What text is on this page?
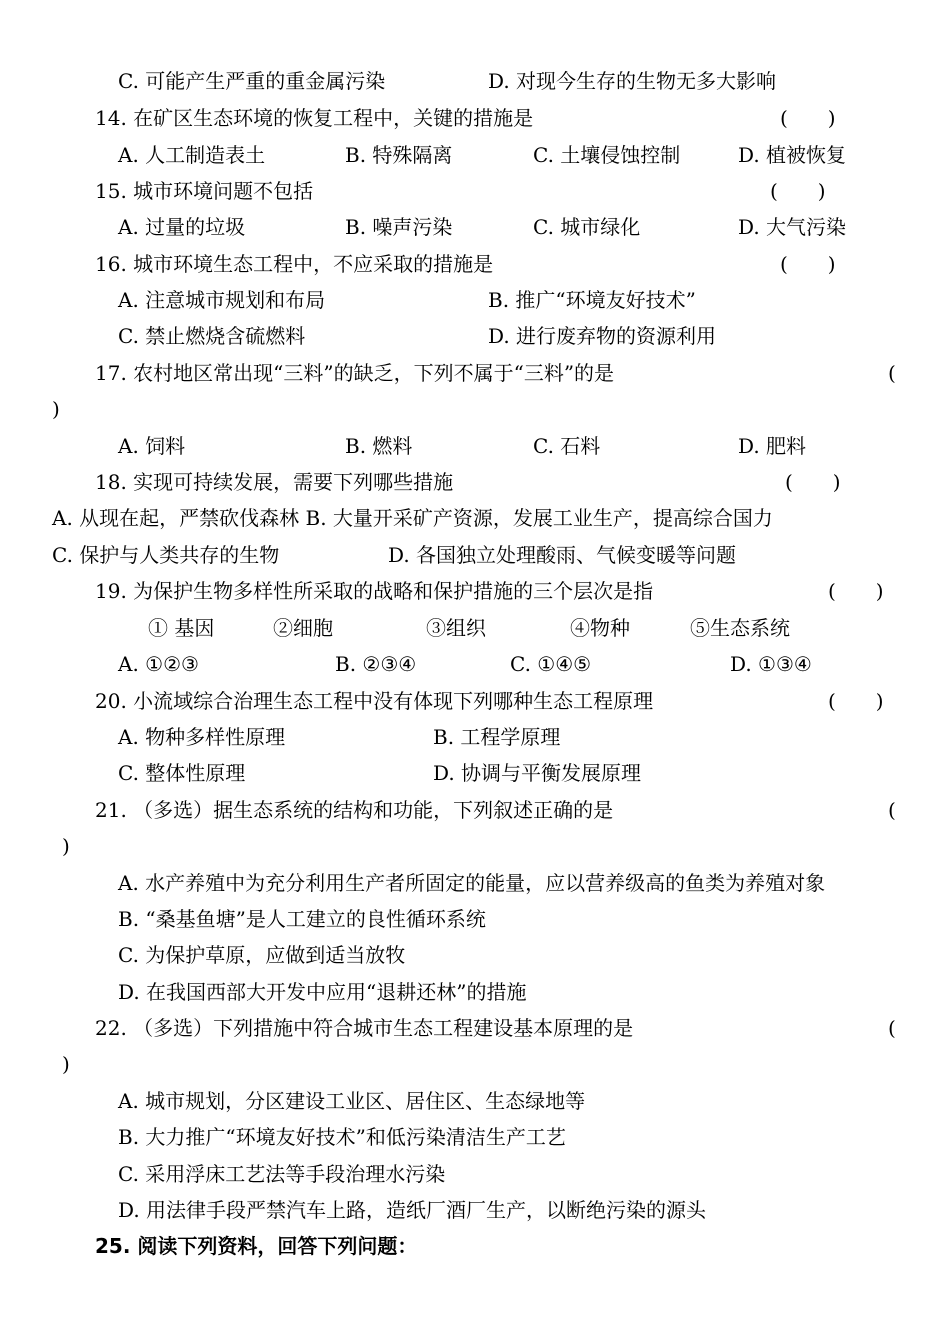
C. 可能产生严重的重金属污染	D. 对现今生存的生物无多大影响
14. 在矿区生态环境的恢复工程中，关键的措施是	(　　)
A. 人工制造表土	B. 特殊隔离	C. 土壤侵蚀控制	D. 植被恢复
15. 城市环境问题不包括	(　　)
A. 过量的垃圾	B. 噪声污染	C. 城市绿化	D. 大气污染
16. 城市环境生态工程中，不应采取的措施是	(　　)
A. 注意城市规划和布局	B. 推广“环境友好技术”
C. 禁止燃烧含硫燃料	D. 进行废弃物的资源利用
17. 农村地区常出现“三料”的缺乏，下列不属于“三料”的是	(
)
A. 饲料	B. 燃料	C. 石料	D. 肥料
18. 实现可持续发展，需要下列哪些措施	(　　)
A. 从现在起，严禁砍伐森林 B. 大量开采矿产资源，发展工业生产，提高综合国力
C. 保护与人类共存的生物	D. 各国独立处理酸雨、气候变暖等问题
19. 为保护生物多样性所采取的战略和保护措施的三个层次是指	(　　)
① 基因	②细胞	③组织	④物种	⑤生态系统
A. ①②③	B. ②③④	C. ①④⑤	D. ①③④
20. 小流域综合治理生态工程中没有体现下列哪种生态工程原理	(　　)
A. 物种多样性原理	B. 工程学原理
C. 整体性原理	D. 协调与平衡发展原理
21. （多选）据生态系统的结构和功能，下列叙述正确的是	(
)
A. 水产养殖中为充分利用生产者所固定的能量，应以营养级高的鱼类为养殖对象
B. “桑基鱼塘”是人工建立的良性循环系统
C. 为保护草原，应做到适当放牧
D. 在我国西部大开发中应用“退耕还林”的措施
22. （多选）下列措施中符合城市生态工程建设基本原理的是	(
)
A. 城市规划，分区建设工业区、居住区、生态绿地等
B. 大力推广“环境友好技术”和低污染清洁生产工艺
C. 采用浮床工艺法等手段治理水污染
D. 用法律手段严禁汽车上路，造纸厂酒厂生产，以断绝污染的源头
25. 阅读下列资料，回答下列问题：
